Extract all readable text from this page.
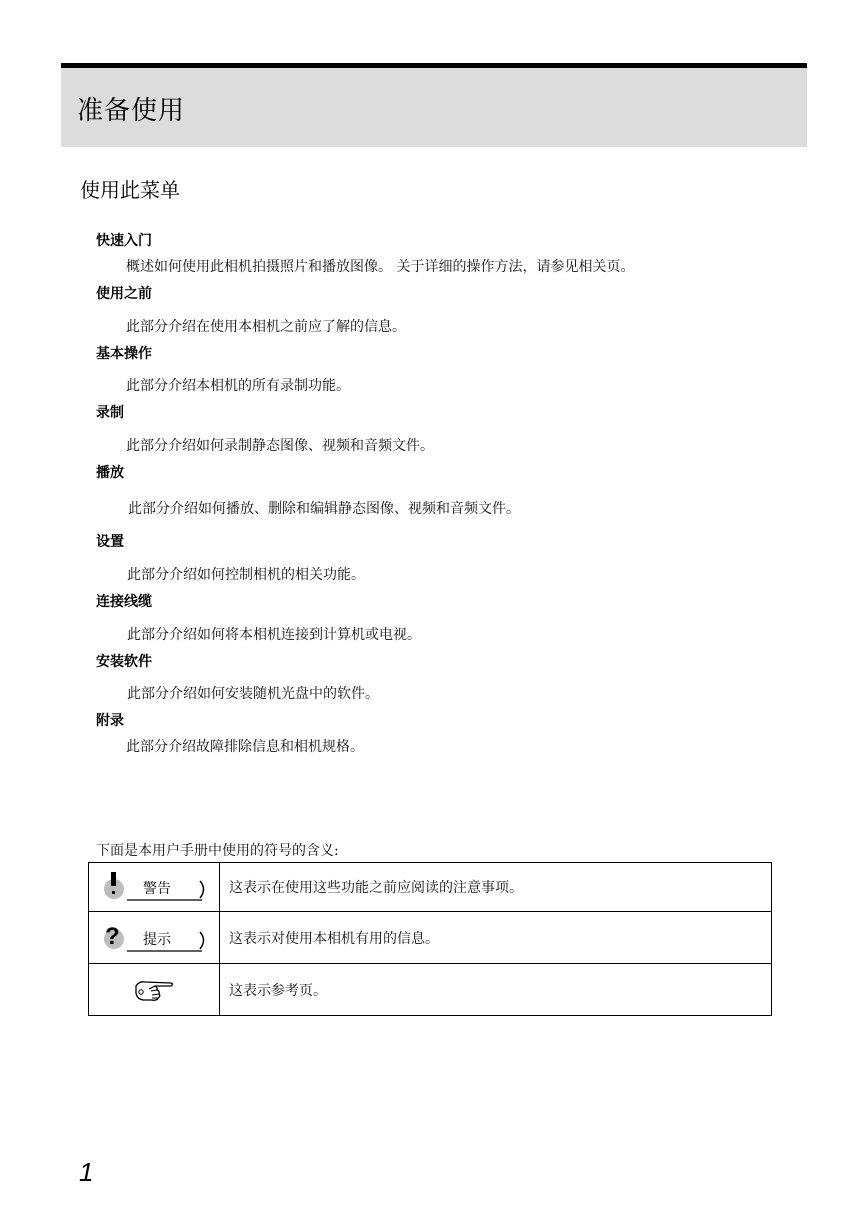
准备使用
使用此菜单
快速入门
概述如何使用此相机拍摄照片和播放图像。 关于详细的操作方法，请参见相关页。
使用之前
此部分介绍在使用本相机之前应了解的信息。
基本操作
此部分介绍本相机的所有录制功能。
录制
此部分介绍如何录制静态图像、视频和音频文件。
播放
此部分介绍如何播放、删除和编辑静态图像、视频和音频文件。
设置
此部分介绍如何控制相机的相关功能。
连接线缆
此部分介绍如何将本相机连接到计算机或电视。
安装软件
此部分介绍如何安装随机光盘中的软件。
附录
此部分介绍故障排除信息和相机规格。
下面是本用户手册中使用的符号的含义:
警告	这表示在使用这些功能之前应阅读的注意事项。

? 提示	这表示对使用本相机有用的信息。

	这表示参考页。
1
